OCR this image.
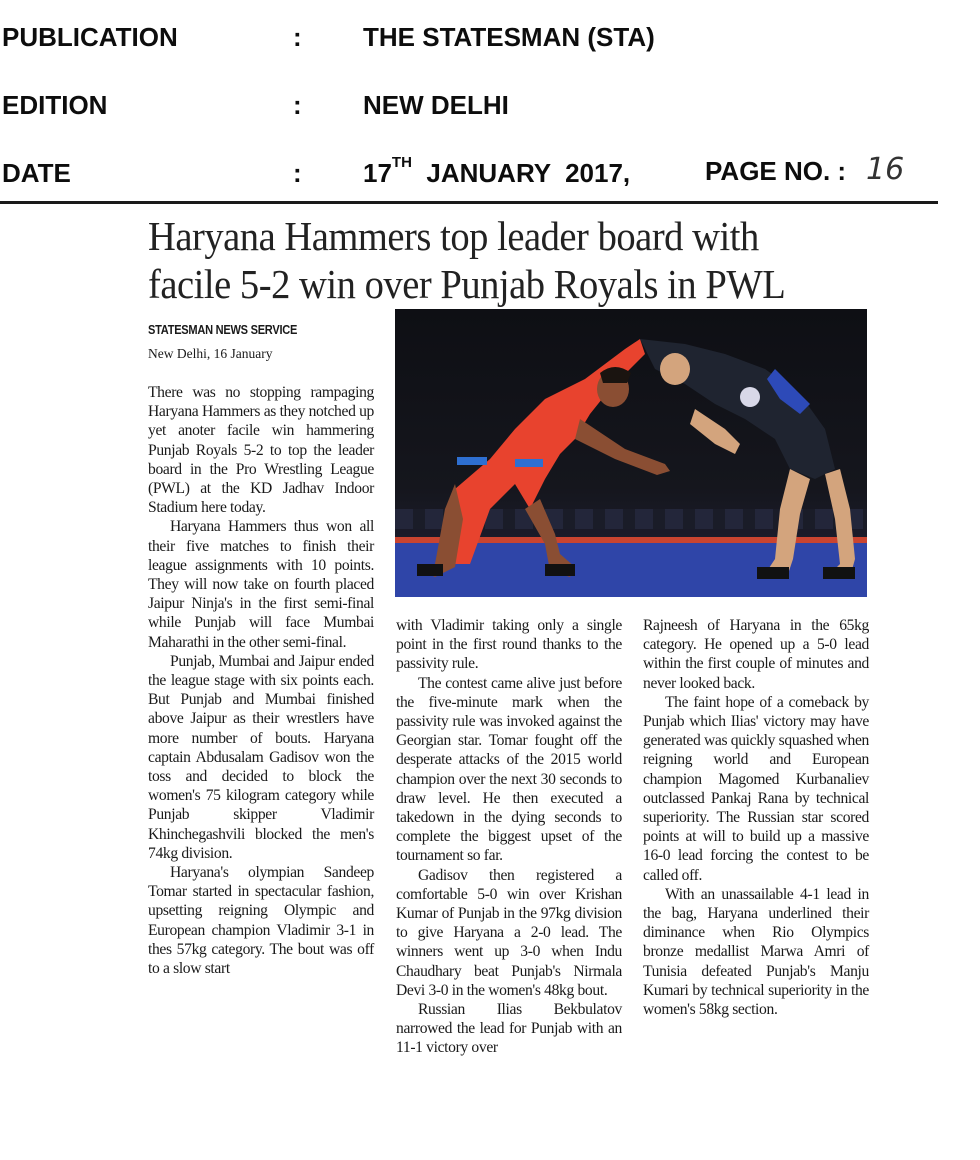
PUBLICATION	: THE STATESMAN (STA)
EDITION	: NEW DELHI
DATE	: 17TH JANUARY  2017,	PAGE NO. : 16
Haryana Hammers top leader board with
facile 5-2 win over Punjab Royals in PWL
STATESMAN NEWS SERVICE
New Delhi, 16 January

There was no stopping rampaging Haryana Hammers as they notched up yet anoter facile win hammering Punjab Royals 5-2 to top the leader board in the Pro Wrestling League (PWL) at the KD Jadhav Indoor Stadium here today.

Haryana Hammers thus won all their five matches to finish their league assignments with 10 points. They will now take on fourth placed Jaipur Ninja's in the first semi-final while Punjab will face Mumbai Maharathi in the other semi-final.

Punjab, Mumbai and Jaipur ended the league stage with six points each. But Punjab and Mumbai finished above Jaipur as their wrestlers have more number of bouts. Haryana captain Abdusalam Gadisov won the toss and decided to block the women's 75 kilogram category while Punjab skipper Vladimir Khinchegashvili blocked the men's 74kg division.

Haryana's olympian Sandeep Tomar started in spectacular fashion, upsetting reigning Olympic and European champion Vladimir 3-1 in thes 57kg category. The bout was off to a slow start

with Vladimir taking only a single point in the first round thanks to the passivity rule.

The contest came alive just before the five-minute mark when the passivity rule was invoked against the Georgian star. Tomar fought off the desperate attacks of the 2015 world champion over the next 30 seconds to draw level. He then executed a takedown in the dying seconds to complete the biggest upset of the tournament so far.

Gadisov then registered a comfortable 5-0 win over Krishan Kumar of Punjab in the 97kg division to give Haryana a 2-0 lead. The winners went up 3-0 when Indu Chaudhary beat Punjab's Nirmala Devi 3-0 in the women's 48kg bout.

Russian Ilias Bekbulatov narrowed the lead for Punjab with an 11-1 victory over

Rajneesh of Haryana in the 65kg category. He opened up a 5-0 lead within the first couple of minutes and never looked back.

The faint hope of a comeback by Punjab which Ilias' victory may have generated was quickly squashed when reigning world and European champion Magomed Kurbanaliev outclassed Pankaj Rana by technical superiority. The Russian star scored points at will to build up a massive 16-0 lead forcing the contest to be called off.

With an unassailable 4-1 lead in the bag, Haryana underlined their diminance when Rio Olympics bronze medallist Marwa Amri of Tunisia defeated Punjab's Manju Kumari by technical superiority in the women's 58kg section.
